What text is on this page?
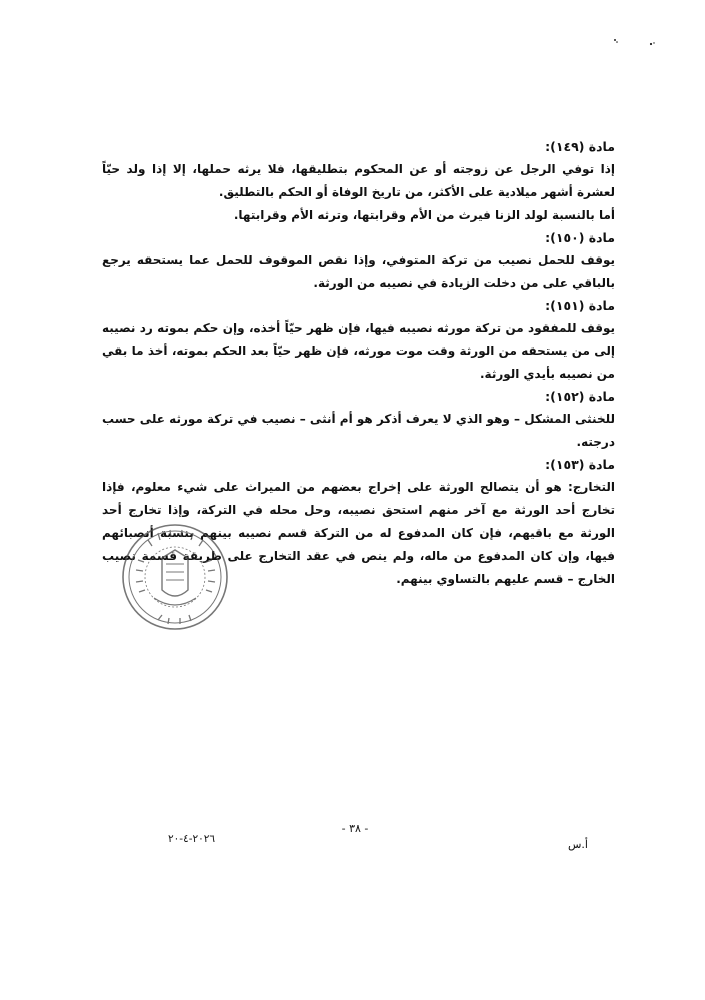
مادة (١٤٩):

إذا توفي الرجل عن زوجته أو عن المحكوم بتطليقها، فلا يرثه حملها، إلا إذا ولد حيّاً لعشرة أشهر ميلادية على الأكثر، من تاريخ الوفاة أو الحكم بالتطليق.

أما بالنسبة لولد الزنا فيرث من الأم وقرابتها، وترثه الأم وقرابتها.

مادة (١٥٠):

يوقف للحمل نصيب من تركة المتوفي، وإذا نقص الموقوف للحمل عما يستحقه يرجع بالباقي على من دخلت الزيادة في نصيبه من الورثة.

مادة (١٥١):

يوقف للمفقود من تركة مورثه نصيبه فيها، فإن ظهر حيّاً أخذه، وإن حكم بموته رد نصيبه إلى من يستحقه من الورثة وقت موت مورثه، فإن ظهر حيّاً بعد الحكم بموته، أخذ ما بقي من نصيبه بأيدي الورثة.

مادة (١٥٢):

للخنثى المشكل – وهو الذي لا يعرف أذكر هو أم أنثى – نصيب في تركة مورثه على حسب درجته.

مادة (١٥٣):

التخارج: هو أن يتصالح الورثة على إخراج بعضهم من الميراث على شيء معلوم، فإذا تخارج أحد الورثة مع آخر منهم استحق نصيبه، وحل محله في التركة، وإذا تخارج أحد الورثة مع باقيهم، فإن كان المدفوع له من التركة قسم نصيبه بينهم بنسبة أنصبائهم فيها، وإن كان المدفوع من ماله، ولم ينص في عقد التخارج على طريقة قسمة نصيب الخارج – قسم عليهم بالتساوي بينهم.

- ٣٨ -
٢٠٢٦-٤-٢٠	أ.س
